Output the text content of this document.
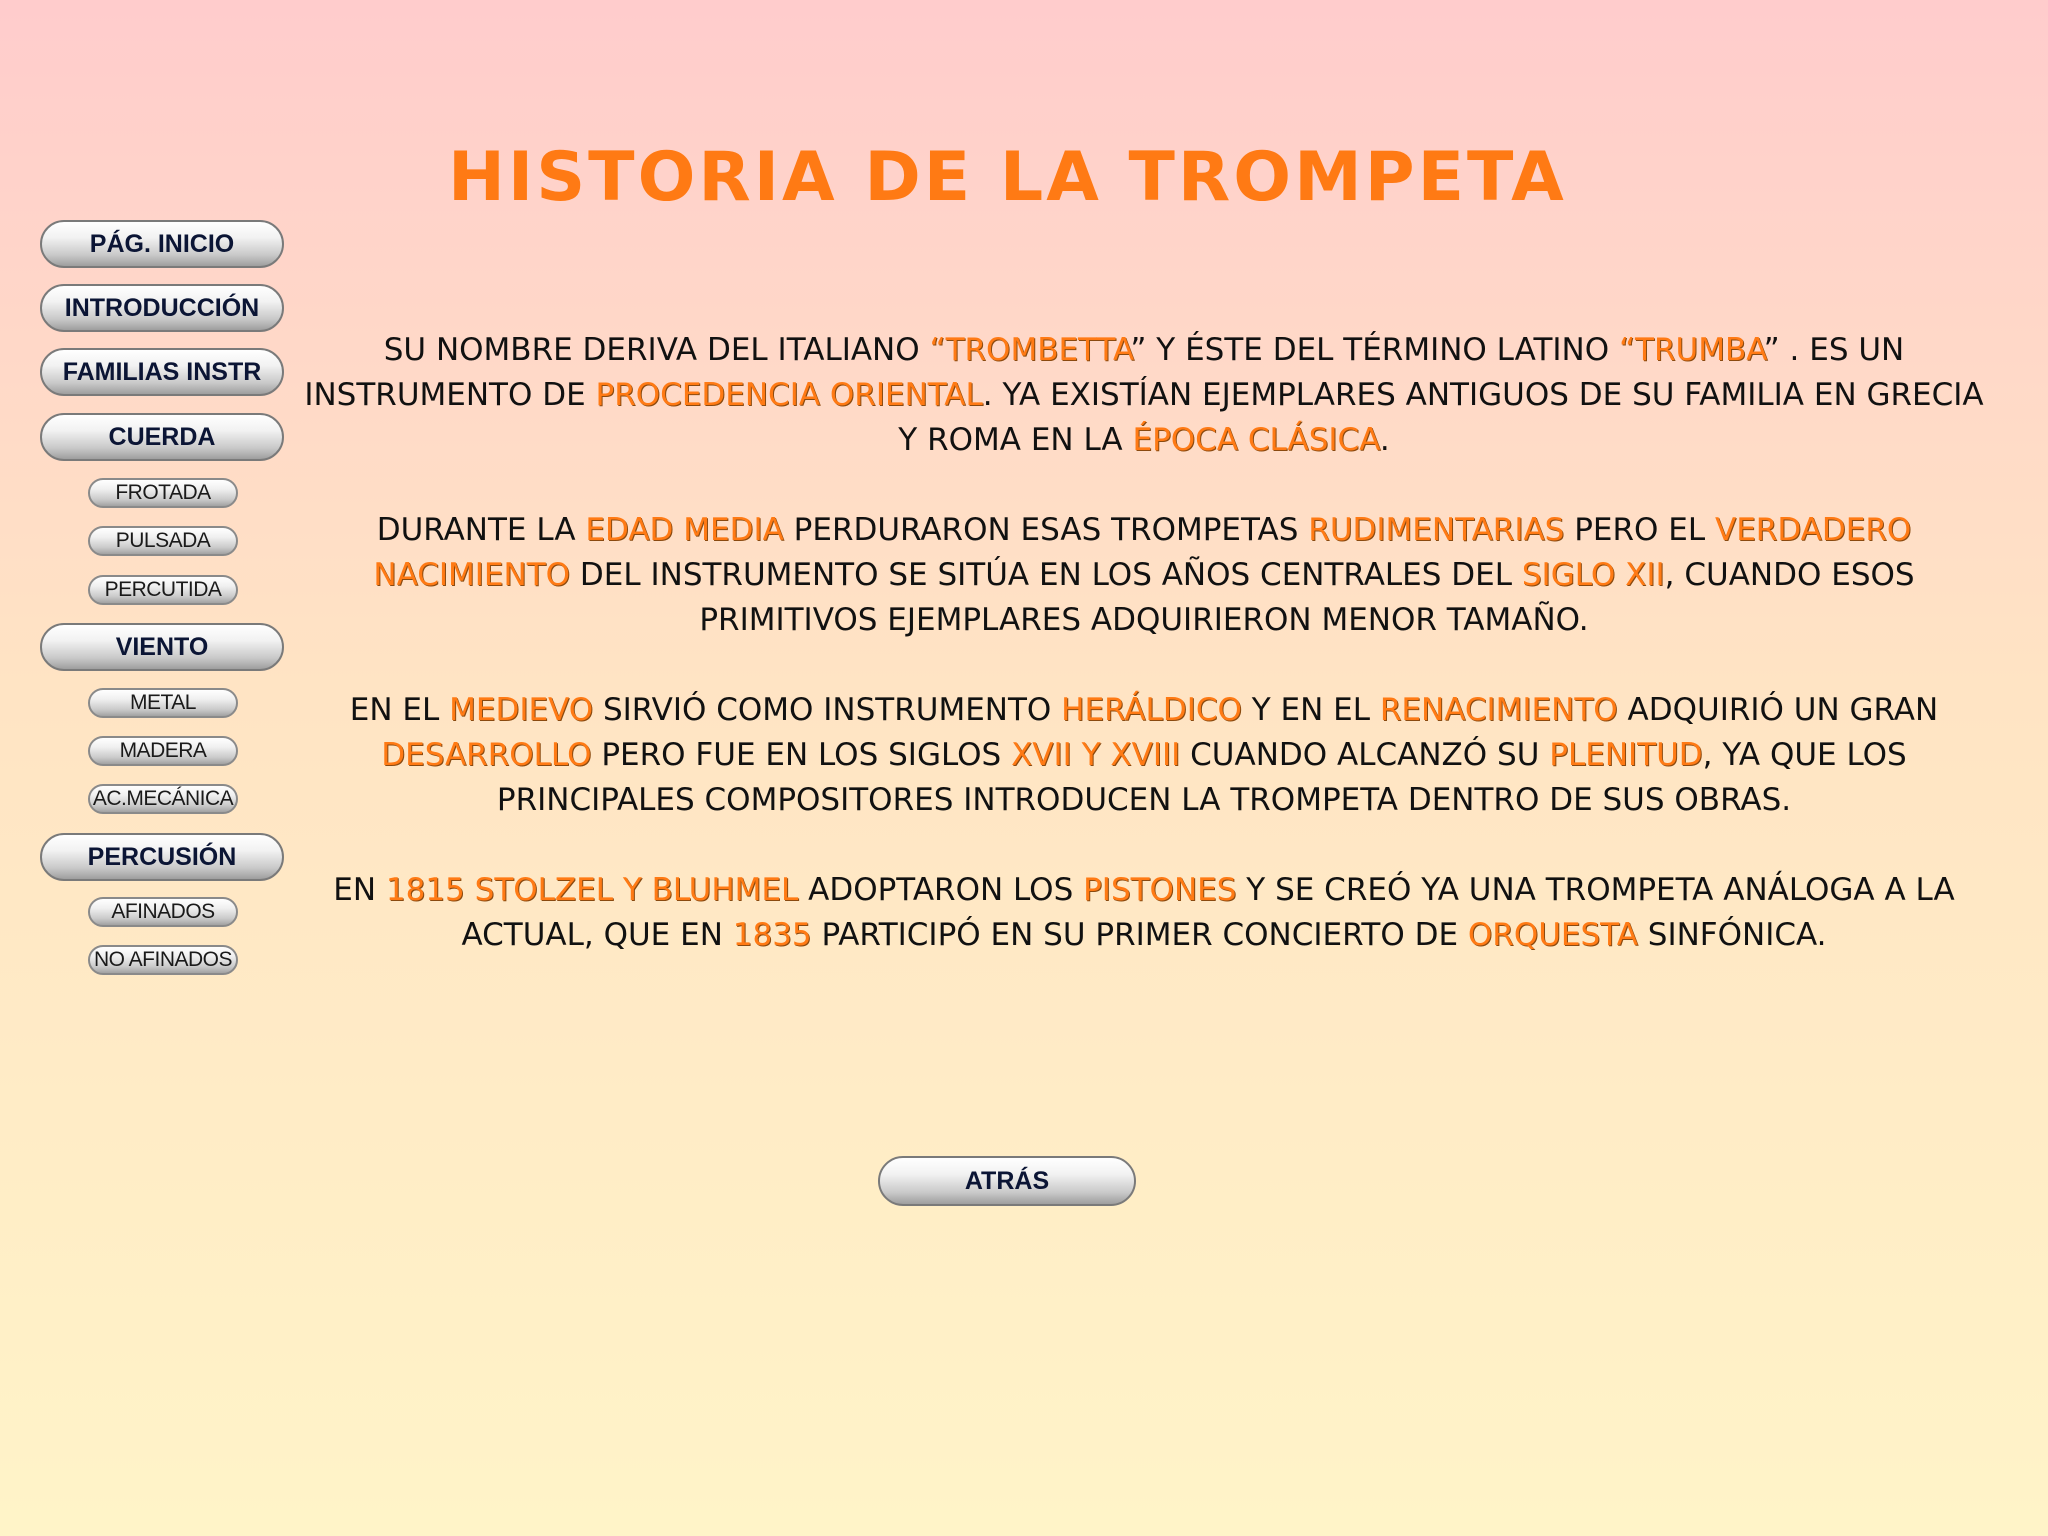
HISTORIA DE LA TROMPETA
PÁG. INICIO
INTRODUCCIÓN
FAMILIAS INSTR
CUERDA
FROTADA
PULSADA
PERCUTIDA
VIENTO
METAL
MADERA
AC.MECÁNICA
PERCUSIÓN
AFINADOS
NO AFINADOS

SU NOMBRE DERIVA DEL ITALIANO “TROMBETTA” Y ÉSTE DEL TÉRMINO LATINO “TRUMBA” . ES UN INSTRUMENTO DE PROCEDENCIA ORIENTAL. YA EXISTÍAN EJEMPLARES ANTIGUOS DE SU FAMILIA EN GRECIA Y ROMA EN LA ÉPOCA CLÁSICA.

DURANTE LA EDAD MEDIA PERDURARON ESAS TROMPETAS RUDIMENTARIAS PERO EL VERDADERO NACIMIENTO DEL INSTRUMENTO SE SITÚA EN LOS AÑOS CENTRALES DEL SIGLO XII, CUANDO ESOS PRIMITIVOS EJEMPLARES ADQUIRIERON MENOR TAMAÑO.

EN EL MEDIEVO SIRVIÓ COMO INSTRUMENTO HERÁLDICO Y EN EL RENACIMIENTO ADQUIRIÓ UN GRAN DESARROLLO PERO FUE EN LOS SIGLOS XVII Y XVIII CUANDO ALCANZÓ SU PLENITUD, YA QUE LOS PRINCIPALES COMPOSITORES INTRODUCEN LA TROMPETA DENTRO DE SUS OBRAS.

EN 1815 STOLZEL Y BLUHMEL ADOPTARON LOS PISTONES Y SE CREÓ YA UNA TROMPETA ANÁLOGA A LA ACTUAL, QUE EN 1835 PARTICIPÓ EN SU PRIMER CONCIERTO DE ORQUESTA SINFÓNICA.

ATRÁS
